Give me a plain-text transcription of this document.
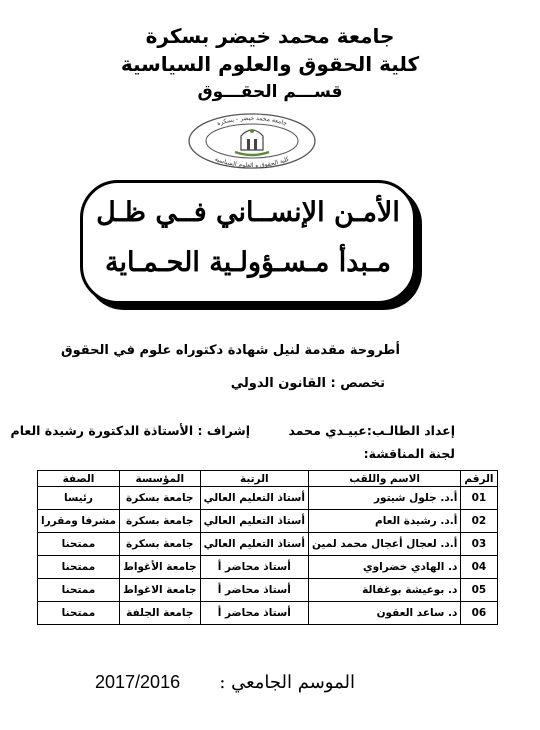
جامعة محمد خيضر بسكرة
كلية الحقوق والعلوم السياسية
قســـم الحقـــوق
جامعة محمد خيضر - بسكرة
كلية الحقوق و العلوم السياسية
الأمـن الإنســاني فــي ظـل
مـبدأ مـسـؤولـية الحـمـاية
أطروحة مقدمة لنيل شهادة دكتوراه علوم في الحقوق
تخصص : القانون الدولي
إعداد الطالـب:عبيـدي محمد
إشراف : الأستاذة الدكتورة رشيدة العام
لجنة المناقشة:
الرقم	الاسم واللقب	الرتبة	المؤسسة	الصفة
01	أ.د. جلول شيتور	أستاذ التعليم العالي	جامعة بسكرة	رئيسا
02	أ.د. رشيدة العام	أستاذ التعليم العالي	جامعة بسكرة	مشرفا ومقررا
03	أ.د. لعجال أعجال محمد لمين	أستاذ التعليم العالي	جامعة بسكرة	ممتحنا
04	د. الهادي خضراوي	أستاذ محاضر أ	جامعة الأغواط	ممتحنا
05	د. بوعيشة بوغفالة	أستاذ محاضر أ	جامعة الاغواط	ممتحنا
06	د. ساعد العقون	أستاذ محاضر أ	جامعة الجلفة	ممتحنا
الموسم الجامعي :
2017/2016
